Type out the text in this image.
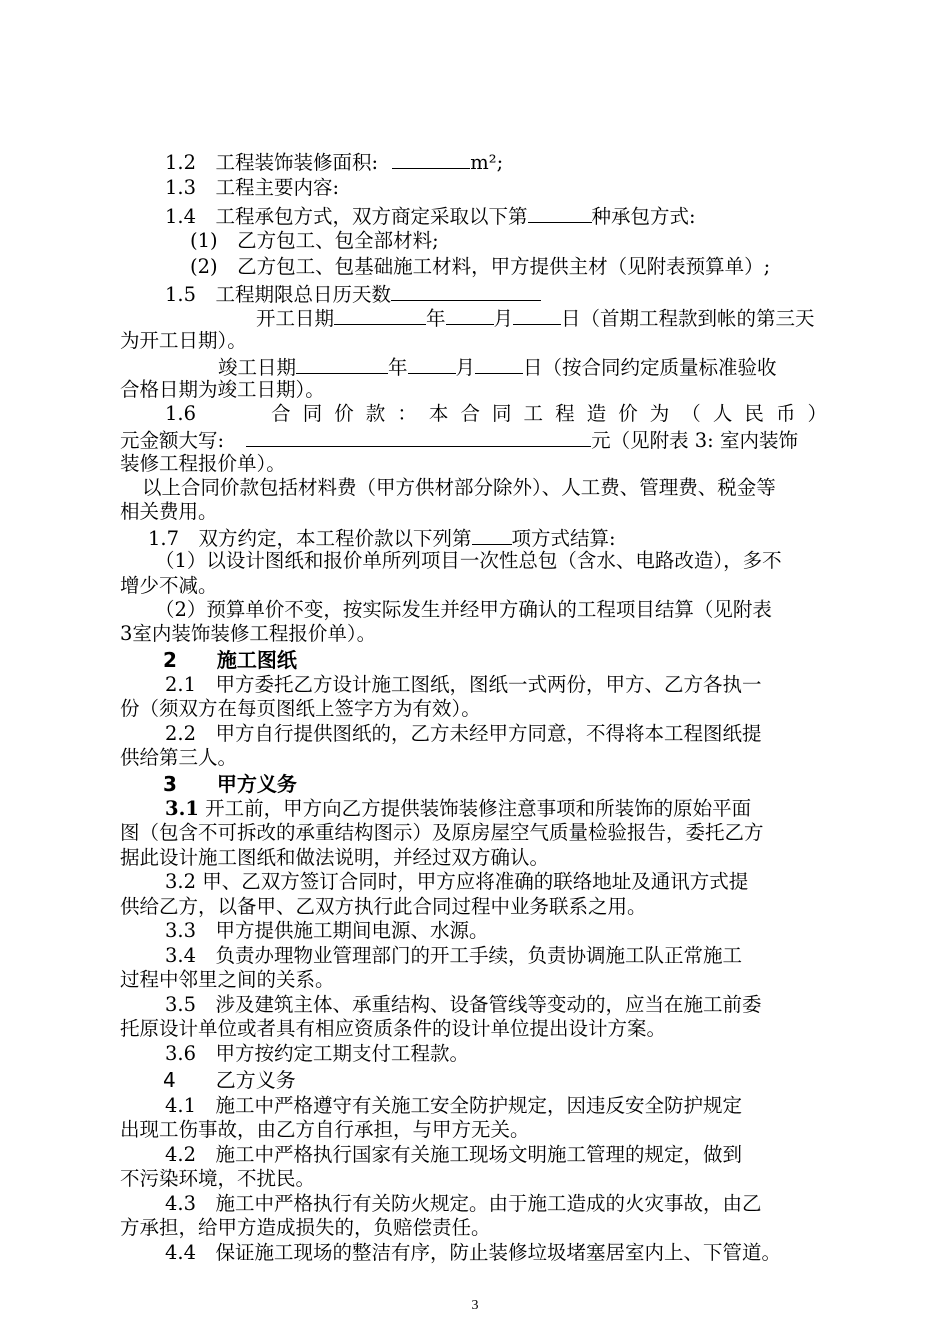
1.2　工程装饰装修面积:	m²;
1.3　工程主要内容:
1.4　工程承包方式，双方商定采取以下第	种承包方式:
(1)　乙方包工、包全部材料;
(2)　乙方包工、包基础施工材料，甲方提供主材（见附表预算单）;
1.5　工程期限总日历天数
开工日期	年 月 日（首期工程款到帐的第三天
为开工日期）。
竣工日期	年 月 日（按合同约定质量标准验收
合格日期为竣工日期）。
1.6　　合同价款：本合同工程造价为（人民币）
元金额大写:	元（见附表 3: 室内装饰
装修工程报价单）。
以上合同价款包括材料费（甲方供材部分除外）、人工费、管理费、税金等
相关费用。
1.7　双方约定，本工程价款以下列第 项方式结算:
（1）以设计图纸和报价单所列项目一次性总包（含水、电路改造），多不
增少不减。
（2）预算单价不变，按实际发生并经甲方确认的工程项目结算（见附表
3室内装饰装修工程报价单）。
2　　施工图纸
2.1　甲方委托乙方设计施工图纸，图纸一式两份，甲方、乙方各执一
份（须双方在每页图纸上签字方为有效）。
2.2　甲方自行提供图纸的，乙方未经甲方同意，不得将本工程图纸提
供给第三人。
3　　甲方义务
3.1 开工前，甲方向乙方提供装饰装修注意事项和所装饰的原始平面
图（包含不可拆改的承重结构图示）及原房屋空气质量检验报告，委托乙方
据此设计施工图纸和做法说明，并经过双方确认。
3.2 甲、乙双方签订合同时，甲方应将准确的联络地址及通讯方式提
供给乙方，以备甲、乙双方执行此合同过程中业务联系之用。
3.3　甲方提供施工期间电源、水源。
3.4　负责办理物业管理部门的开工手续，负责协调施工队正常施工
过程中邻里之间的关系。
3.5　涉及建筑主体、承重结构、设备管线等变动的，应当在施工前委
托原设计单位或者具有相应资质条件的设计单位提出设计方案。
3.6　甲方按约定工期支付工程款。
4　　乙方义务
4.1　施工中严格遵守有关施工安全防护规定，因违反安全防护规定
出现工伤事故，由乙方自行承担，与甲方无关。
4.2　施工中严格执行国家有关施工现场文明施工管理的规定，做到
不污染环境，不扰民。
4.3　施工中严格执行有关防火规定。由于施工造成的火灾事故，由乙
方承担，给甲方造成损失的，负赔偿责任。
4.4　保证施工现场的整洁有序，防止装修垃圾堵塞居室内上、下管道。
3
